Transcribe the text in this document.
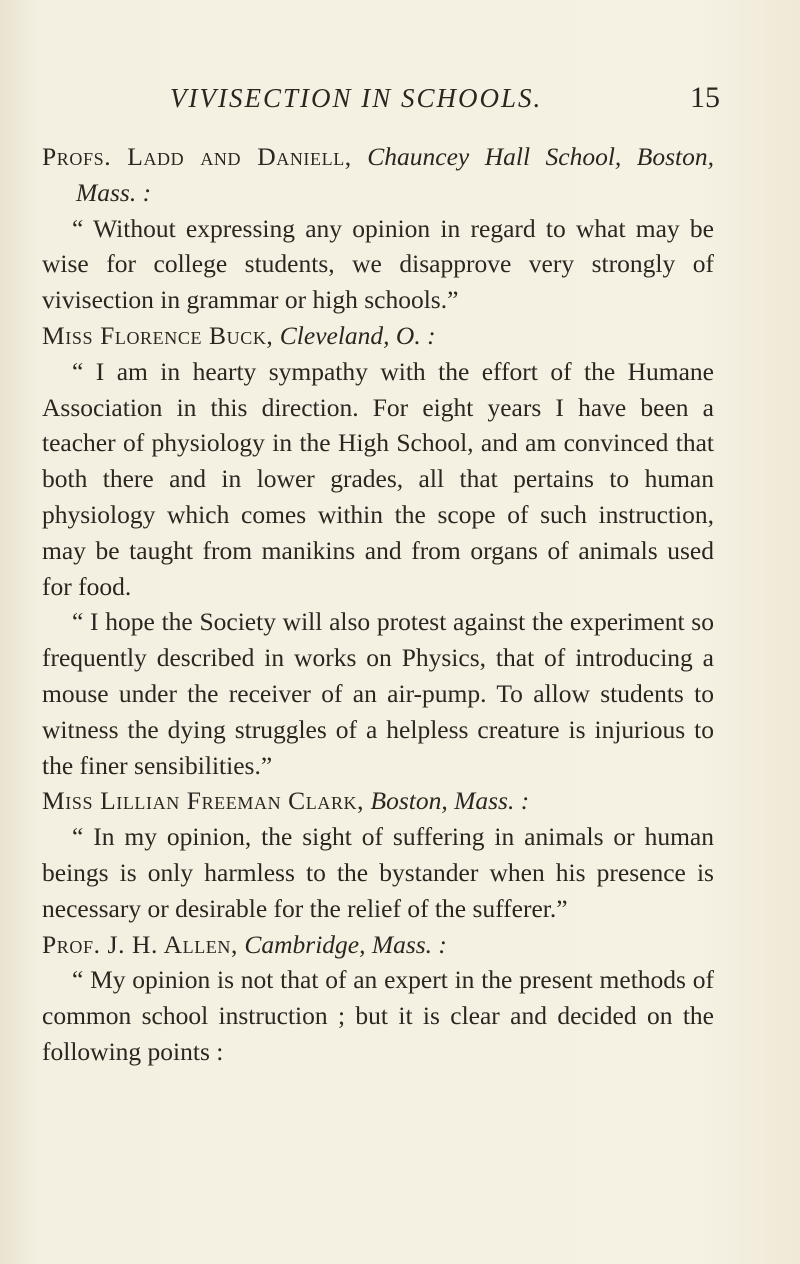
VIVISECTION IN SCHOOLS.	15

Profs. Ladd and Daniell, Chauncey Hall School, Boston, Mass. :

“ Without expressing any opinion in regard to what may be wise for college students, we disapprove very strongly of vivisection in grammar or high schools.”

Miss Florence Buck, Cleveland, O. :

“ I am in hearty sympathy with the effort of the Humane Association in this direction. For eight years I have been a teacher of physiology in the High School, and am convinced that both there and in lower grades, all that pertains to human physiology which comes within the scope of such instruction, may be taught from manikins and from organs of animals used for food.

“ I hope the Society will also protest against the experiment so frequently described in works on Physics, that of introducing a mouse under the receiver of an air-pump. To allow students to witness the dying struggles of a helpless creature is injurious to the finer sensibilities.”

Miss Lillian Freeman Clark, Boston, Mass. :

“ In my opinion, the sight of suffering in animals or human beings is only harmless to the bystander when his presence is necessary or desirable for the relief of the sufferer.”

Prof. J. H. Allen, Cambridge, Mass. :

“ My opinion is not that of an expert in the present methods of common school instruction ; but it is clear and decided on the following points :
